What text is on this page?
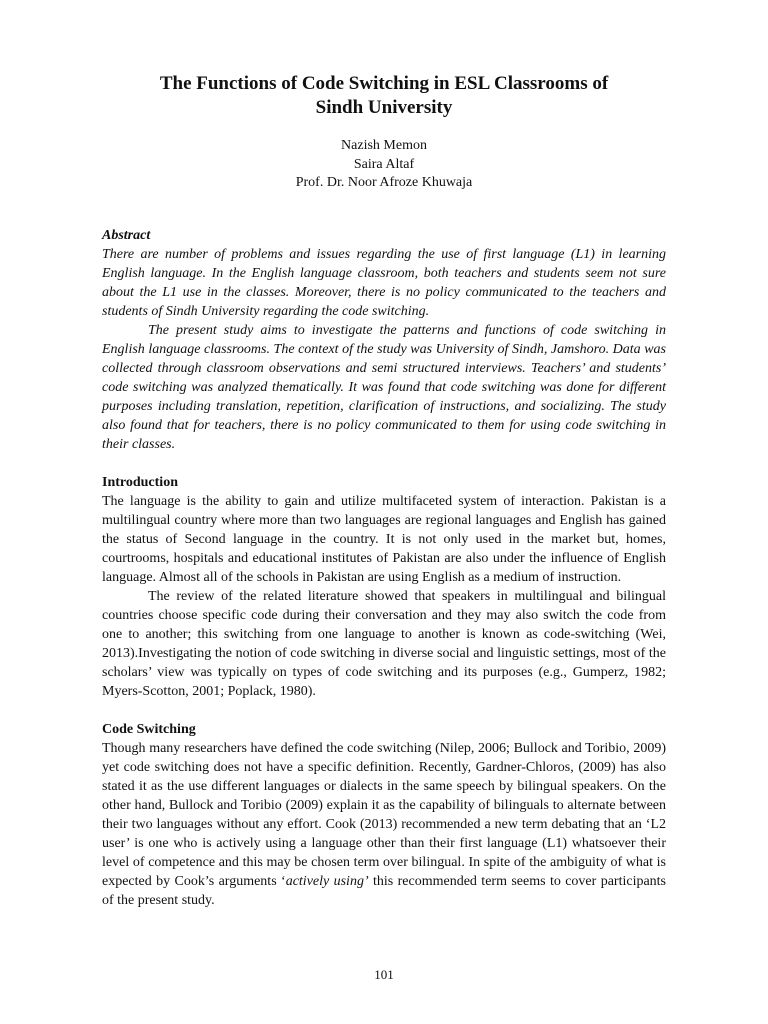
The Functions of Code Switching in ESL Classrooms of
Sindh University
Nazish Memon
Saira Altaf
Prof. Dr. Noor Afroze Khuwaja
Abstract

There are number of problems and issues regarding the use of first language (L1) in learning English language. In the English language classroom, both teachers and students seem not sure about the L1 use in the classes. Moreover, there is no policy communicated to the teachers and students of Sindh University regarding the code switching.

The present study aims to investigate the patterns and functions of code switching in English language classrooms. The context of the study was University of Sindh, Jamshoro. Data was collected through classroom observations and semi structured interviews. Teachers’ and students’ code switching was analyzed thematically. It was found that code switching was done for different purposes including translation, repetition, clarification of instructions, and socializing. The study also found that for teachers, there is no policy communicated to them for using code switching in their classes.

Introduction

The language is the ability to gain and utilize multifaceted system of interaction. Pakistan is a multilingual country where more than two languages are regional languages and English has gained the status of Second language in the country. It is not only used in the market but, homes, courtrooms, hospitals and educational institutes of Pakistan are also under the influence of English language. Almost all of the schools in Pakistan are using English as a medium of instruction.

The review of the related literature showed that speakers in multilingual and bilingual countries choose specific code during their conversation and they may also switch the code from one to another; this switching from one language to another is known as code-switching (Wei, 2013).Investigating the notion of code switching in diverse social and linguistic settings, most of the scholars’ view was typically on types of code switching and its purposes (e.g., Gumperz, 1982; Myers-Scotton, 2001; Poplack, 1980).

Code Switching

Though many researchers have defined the code switching (Nilep, 2006; Bullock and Toribio, 2009) yet code switching does not have a specific definition. Recently, Gardner-Chloros, (2009) has also stated it as the use different languages or dialects in the same speech by bilingual speakers. On the other hand, Bullock and Toribio (2009) explain it as the capability of bilinguals to alternate between their two languages without any effort. Cook (2013) recommended a new term debating that an ‘L2 user’ is one who is actively using a language other than their first language (L1) whatsoever their level of competence and this may be chosen term over bilingual. In spite of the ambiguity of what is expected by Cook’s arguments ‘actively using’ this recommended term seems to cover participants of the present study.

101
